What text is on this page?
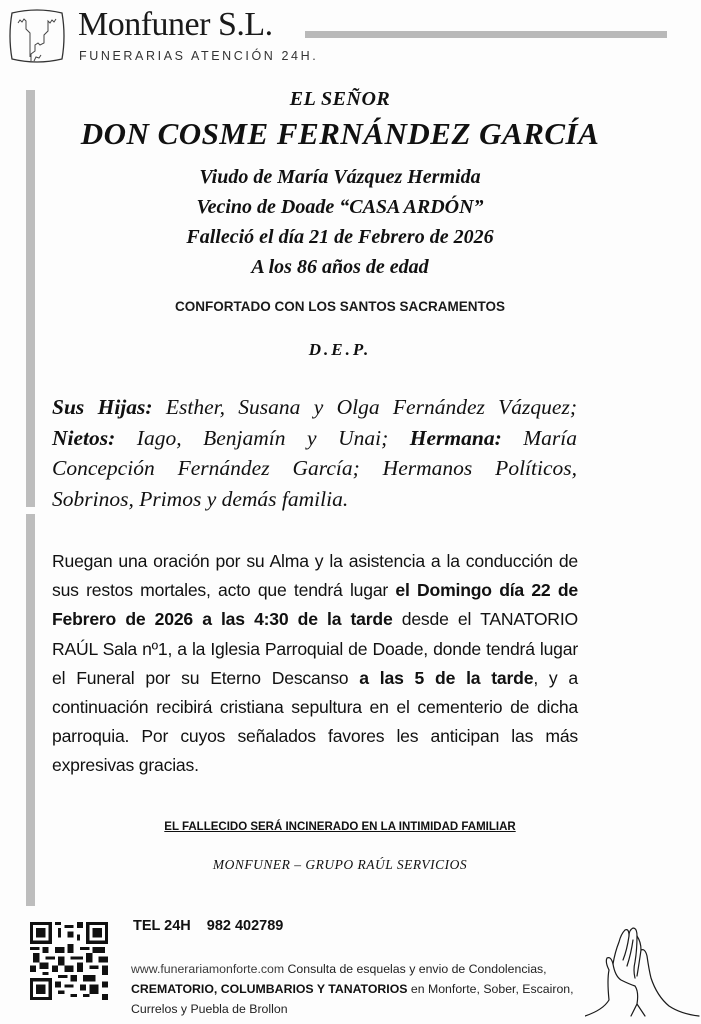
Monfuner S.L.
FUNERARIAS ATENCIÓN 24H.
EL SEÑOR
DON COSME FERNÁNDEZ GARCÍA
Viudo de María Vázquez Hermida
Vecino de Doade “CASA ARDÓN”
Falleció el día 21 de Febrero de 2026
A los 86 años de edad
CONFORTADO CON LOS SANTOS SACRAMENTOS
D.E.P.
Sus Hijas: Esther, Susana y Olga Fernández Vázquez; Nietos: Iago, Benjamín y Unai; Hermana: María Concepción Fernández García; Hermanos Políticos, Sobrinos, Primos y demás familia.
Ruegan una oración por su Alma y la asistencia a la conducción de sus restos mortales, acto que tendrá lugar el Domingo día 22 de Febrero de 2026 a las 4:30 de la tarde desde el TANATORIO RAÚL Sala nº1, a la Iglesia Parroquial de Doade, donde tendrá lugar el Funeral por su Eterno Descanso a las 5 de la tarde, y a continuación recibirá cristiana sepultura en el cementerio de dicha parroquia. Por cuyos señalados favores les anticipan las más expresivas gracias.
EL FALLECIDO SERÁ INCINERADO EN LA INTIMIDAD FAMILIAR
MONFUNER – GRUPO RAÚL SERVICIOS
TEL 24H 982 402789
www.funerariamonforte.com Consulta de esquelas y envio de Condolencias, CREMATORIO, COLUMBARIOS Y TANATORIOS en Monforte, Sober, Escairon, Currelos y Puebla de Brollon
